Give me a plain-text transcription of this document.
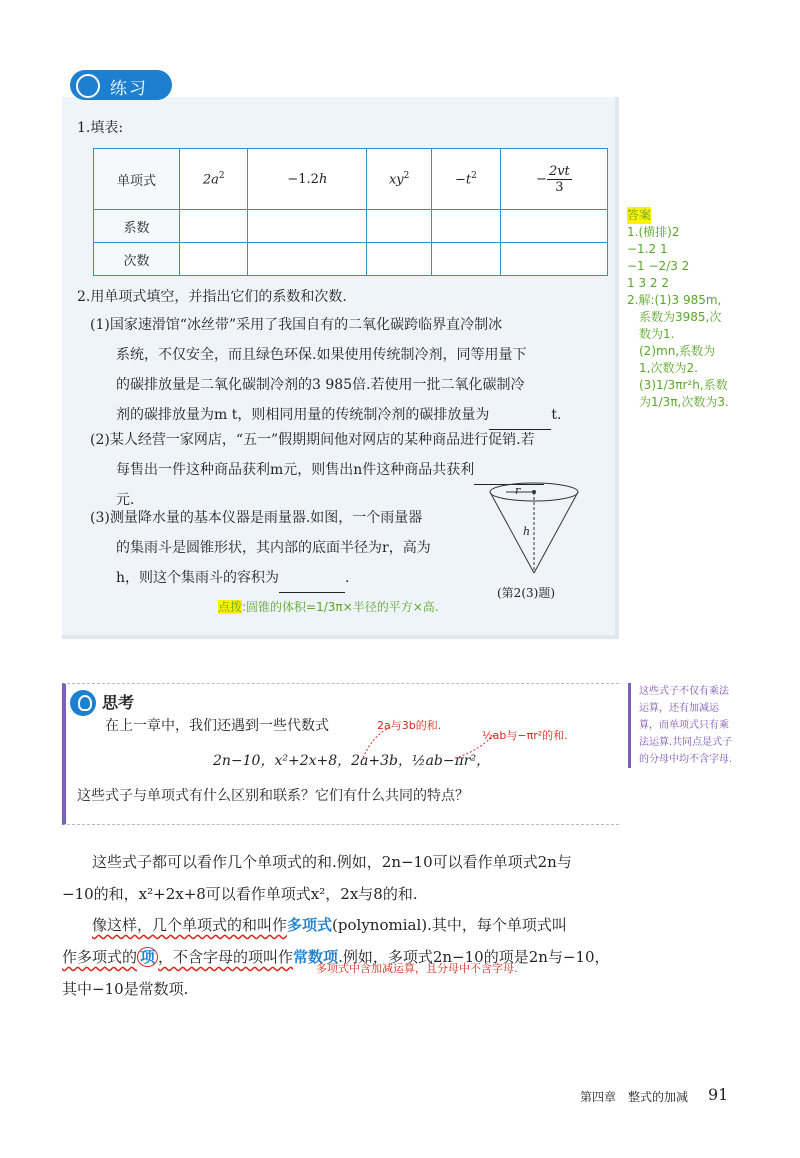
练习
1.填表:
单项式	$2a^2$	−1.2h	$xy^2$	$-t^2$	− $\frac{2vt}{3}$

系数					
次数					
2.用单项式填空，并指出它们的系数和次数.
(1)国家速滑馆“冰丝带”采用了我国自有的二氧化碳跨临界直冷制冰
系统，不仅安全，而且绿色环保.如果使用传统制冷剂，同等用量下
的碳排放量是二氧化碳制冷剂的3 985倍.若使用一批二氧化碳制冷
剂的碳排放量为m t，则相同用量的传统制冷剂的碳排放量为	t.
(2)某人经营一家网店，“五一”假期期间他对网店的某种商品进行促销.若
每售出一件这种商品获利m元，则售出n件这种商品共获利
元.
(3)测量降水量的基本仪器是雨量器.如图，一个雨量器
的集雨斗是圆锥形状，其内部的底面半径为r，高为
h，则这个集雨斗的容积为	.
r
h
(第2(3)题)
点拨:圆锥的体积=1/3π×半径的平方×高.
答案
1.(横排)2
−1.2 1
−1 −2/3 2
1 3 2 2
2.解:(1)3 985m,
系数为3985,次
数为1.
(2)mn,系数为
1,次数为2.
(3)1/3πr²h,系数
为1/3π,次数为3.
思考
在上一章中，我们还遇到一些代数式	2a与3b的和.
½ab与−πr²的和.
2n−10，x²+2x+8，2a+3b，½ab−πr²，
这些式子与单项式有什么区别和联系？它们有什么共同的特点？
这些式子不仅有乘法运算，还有加减运算，而单项式只有乘法运算.共同点是式子的分母中均不含字母.
这些式子都可以看作几个单项式的和.例如，2n−10可以看作单项式2n与
−10的和，x²+2x+8可以看作单项式x²，2x与8的和.
像这样，几个单项式的和叫作多项式(polynomial).其中，每个单项式叫
作多项式的 项 ，不含字母的项叫作常数项.例如，多项式2n−10的项是2n与−10，
其中−10是常数项.
多项式中含加减运算，且分母中不含字母.
第四章　整式的加减 91
